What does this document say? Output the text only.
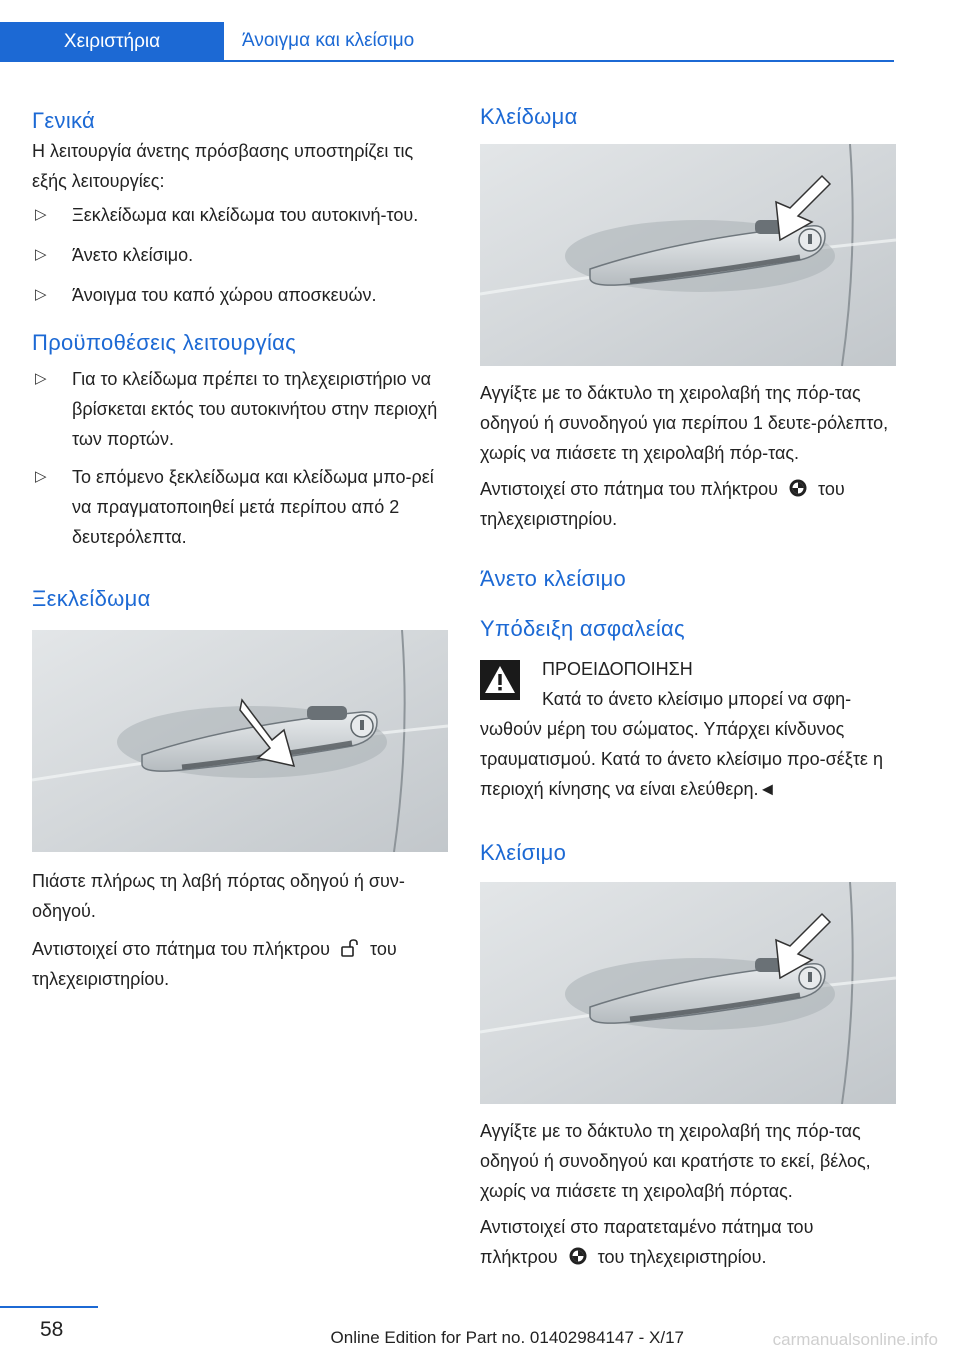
Χειριστήρια	Άνοιγμα και κλείσιμο
Γενικά

Η λειτουργία άνετης πρόσβασης υποστηρίζει τις εξής λειτουργίες:

▷ Ξεκλείδωμα και κλείδωμα του αυτοκινή-του.
▷ Άνετο κλείσιμο.
▷ Άνοιγμα του καπό χώρου αποσκευών.
Προϋποθέσεις λειτουργίας
▷ Για το κλείδωμα πρέπει το τηλεχειριστήριο να βρίσκεται εκτός του αυτοκινήτου στην περιοχή των πορτών.
▷ Το επόμενο ξεκλείδωμα και κλείδωμα μπο-ρεί να πραγματοποιηθεί μετά περίπου από 2 δευτερόλεπτα.
Ξεκλείδωμα

Πιάστε πλήρως τη λαβή πόρτας οδηγού ή συν-οδηγού.

Αντιστοιχεί στο πάτημα του πλήκτρου του τηλεχειριστηρίου.

Κλείδωμα

Αγγίξτε με το δάκτυλο τη χειρολαβή της πόρ-τας οδηγού ή συνοδηγού για περίπου 1 δευτε-ρόλεπτο, χωρίς να πιάσετε τη χειρολαβή πόρ-τας.

Αντιστοιχεί στο πάτημα του πλήκτρου του τηλεχειριστηρίου.

Άνετο κλείσιμο
Υπόδειξη ασφαλείας

ΠΡΟΕΙΔΟΠΟΙΗΣΗ

Κατά το άνετο κλείσιμο μπορεί να σφη-νωθούν μέρη του σώματος. Υπάρχει κίνδυνος τραυματισμού. Κατά το άνετο κλείσιμο προ-σέξτε η περιοχή κίνησης να είναι ελεύθερη.◄

Κλείσιμο

Αγγίξτε με το δάκτυλο τη χειρολαβή της πόρ-τας οδηγού ή συνοδηγού και κρατήστε το εκεί, βέλος, χωρίς να πιάσετε τη χειρολαβή πόρτας.

Αντιστοιχεί στο παρατεταμένο πάτημα του πλήκτρου του τηλεχειριστηρίου.

58	Online Edition for Part no. 01402984147 - X/17	carmanualsonline.info
